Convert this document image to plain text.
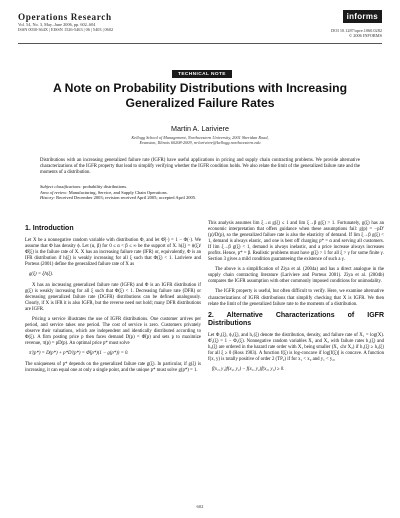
Operations Research
Vol. 54, No. 3, May–June 2006, pp. 602–604
ISSN 0030-364X | EISSN 1526-5463 | 06 | 5403 | 0602
informs
DOI 10.1287/opre.1060.0282
© 2006 INFORMS
TECHNICAL NOTE
A Note on Probability Distributions with Increasing
Generalized Failure Rates
Martin A. Lariviere
Kellogg School of Management, Northwestern University, 2001 Sheridan Road,
Evanston, Illinois 60208-2009, m-lariviere@kellogg.northwestern.edu
Distributions with an increasing generalized failure rate (IGFR) have useful applications in pricing and supply chain contracting problems. We provide alternative characterizations of the IGFR property that lead to simplify verifying whether the IGFR condition holds. We also relate the limit of the generalized failure rate and the moments of a distribution.
Subject classifications: probability distributions.
Area of review: Manufacturing, Service, and Supply Chain Operations.
History: Received December 2003; revision received April 2005; accepted April 2005.
1. Introduction

Let X be a nonnegative random variable with distribution Φ, and let Φ̄(·) = 1 − Φ(·). We assume that Φ has density ϕ. Let (α, β) for 0 ≤ α < β ≤ ∞ be the support of X. h(ξ) = ϕ(ξ)/Φ̄(ξ) is the failure rate of X. X has an increasing failure rate (IFR) or, equivalently, Φ is an IFR distribution if h(ξ) is weakly increasing for all ξ such that Φ(ξ) < 1. Lariviere and Porteus (2001) define the generalized failure rate of X as

g(ξ) = ξh(ξ).

X has an increasing generalized failure rate (IGFR) and Φ is an IGFR distribution if g(ξ) is weakly increasing for all ξ such that Φ(ξ) < 1. Decreasing failure rate (DFR) or decreasing generalized failure rate (DGFR) distributions can be defined analogously. Clearly, if X is IFR it is also IGFR, but the reverse need not hold; many DFR distributions are IGFR.

Pricing a service illustrates the use of IGFR distributions. One customer arrives per period, and service takes one period. The cost of service is zero. Customers privately observe their valuations, which are independent and identically distributed according to Φ(ξ). A firm posting price p then faces demand D(p) = Φ̄(p) and sets p to maximize revenue, π(p) = pD(p). An optimal price p* must solve

π′(p*) = D(p*) + p*D′(p*) = Φ̄(p*)(1 − g(p*)) = 0.

The uniqueness of p* depends on the generalized failure rate g(ξ). In particular, if g(ξ) is increasing, it can equal one at only a single point, and the unique p* must solve g(p*) = 1.

This analysis assumes lim ξ→α g(ξ) ≤ 1 and lim ξ→β g(ξ) > 1. Fortunately, g(ξ) has an economic interpretation that offers guidance when these assumptions fail: g(p) = −pD′(p)/D(p), so the generalized failure rate is also the elasticity of demand. If lim ξ→β g(ξ) < 1, demand is always elastic, and one is best off charging p* = α and serving all customers. If lim ξ→β g(ξ) < 1, demand is always inelastic, and a price increase always increases profits. Hence, p* = β. Realistic problems must have g(ξ) > 1 for all ξ > γ for some finite γ. Section 3 gives a mild condition guaranteeing the existence of such a γ.

The above is a simplification of Ziya et al. (2004a) and has a direct analogue in the supply chain contracting literature (Lariviere and Porteus 2001). Ziya et al. (2004b) compares the IGFR assumption with other commonly imposed conditions for unimodality.

The IGFR property is useful, but often difficult to verify. Here, we examine alternative characterizations of IGFR distributions that simplify checking that X is IGFR. We then relate the limit of the generalized failure rate to the moments of a distribution.

2. Alternative Characterizations of IGFR Distributions

Let Φ₁(ξ), ϕ₁(ξ), and h₁(ξ) denote the distribution, density, and failure rate of X₁ = log(X). Φ̄₁(ξ) = 1 − Φ₁(ξ). Nonnegative random variables X₁ and X₂ with failure rates h₁(ξ) and h₂(ξ) are ordered in the hazard rate order with X₁ being smaller (X₁ ≤hr X₂) if h₁(ξ) ≥ h₂(ξ) for all ξ ≥ 0 (Ross 1983). A function f(ξ) is log-concave if log[f(ξ)] is concave. A function f(x, y) is totally positive of order 2 (TP₂) if for x₁ < x₂ and y₁ < y₂,

f(x₁, y₁)f(x₂, y₂) − f(x₁, y₂)f(x₂, y₁) ≥ 0.
602
